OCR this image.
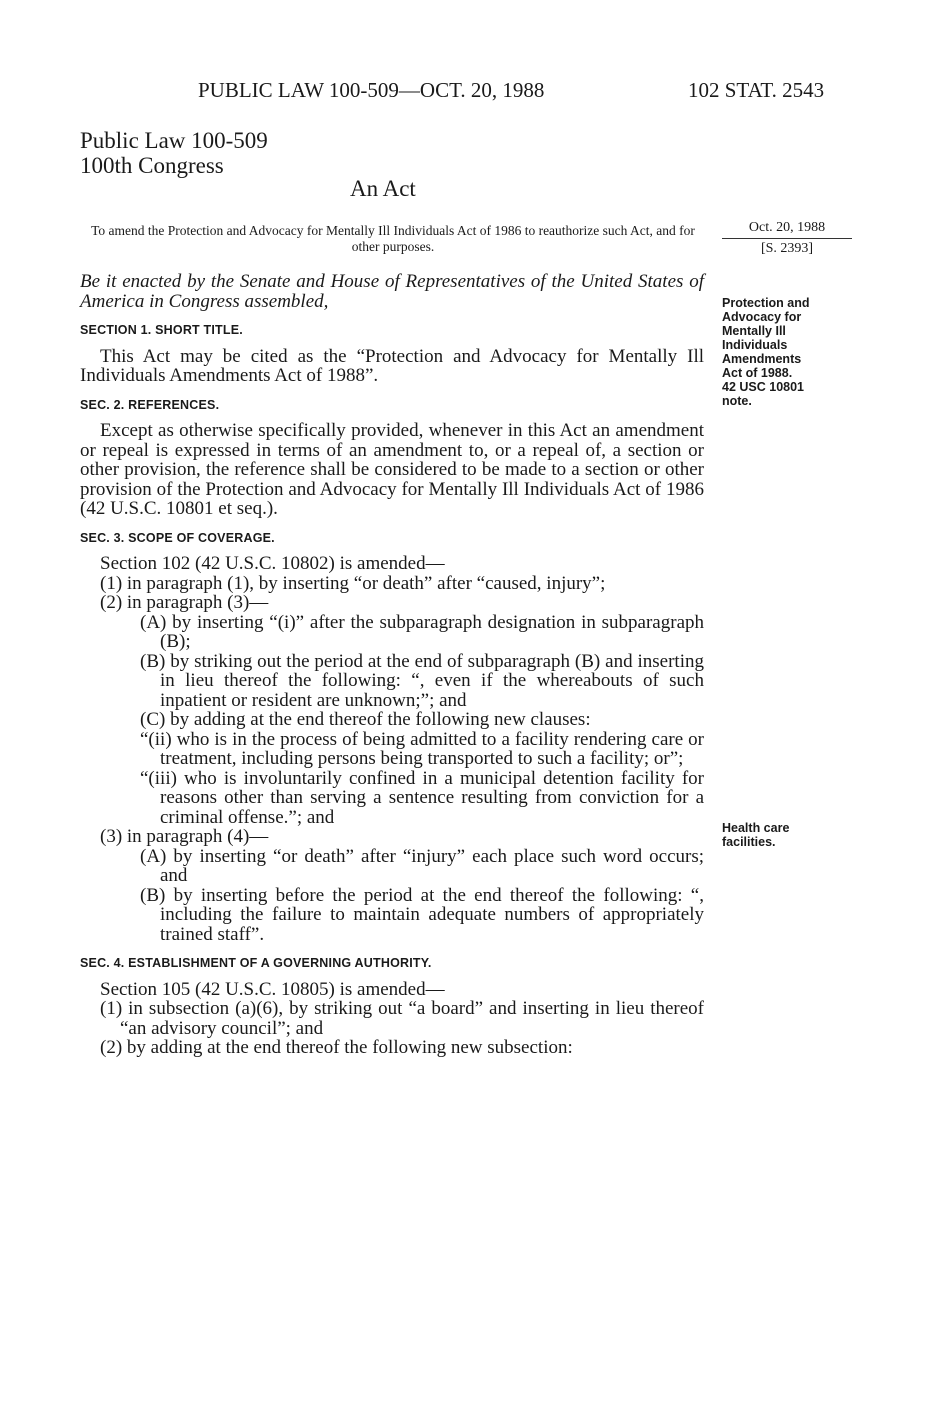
PUBLIC LAW 100-509—OCT. 20, 1988	102 STAT. 2543
Public Law 100-509
100th Congress
An Act
To amend the Protection and Advocacy for Mentally Ill Individuals Act of 1986 to reauthorize such Act, and for other purposes.
Oct. 20, 1988
[S. 2393]
Protection and
Advocacy for
Mentally Ill
Individuals
Amendments
Act of 1988.
42 USC 10801
note.
Health care
facilities.

Be it enacted by the Senate and House of Representatives of the United States of America in Congress assembled,

SECTION 1. SHORT TITLE.

This Act may be cited as the “Protection and Advocacy for Mentally Ill Individuals Amendments Act of 1988”.

SEC. 2. REFERENCES.

Except as otherwise specifically provided, whenever in this Act an amendment or repeal is expressed in terms of an amendment to, or a repeal of, a section or other provision, the reference shall be considered to be made to a section or other provision of the Protection and Advocacy for Mentally Ill Individuals Act of 1986 (42 U.S.C. 10801 et seq.).

SEC. 3. SCOPE OF COVERAGE.

Section 102 (42 U.S.C. 10802) is amended—

(1) in paragraph (1), by inserting “or death” after “caused, injury”;

(2) in paragraph (3)—

(A) by inserting “(i)” after the subparagraph designation in subparagraph (B);

(B) by striking out the period at the end of subparagraph (B) and inserting in lieu thereof the following: “, even if the whereabouts of such inpatient or resident are unknown;”; and

(C) by adding at the end thereof the following new clauses:

“(ii) who is in the process of being admitted to a facility rendering care or treatment, including persons being transported to such a facility; or”;

“(iii) who is involuntarily confined in a municipal detention facility for reasons other than serving a sentence resulting from conviction for a criminal offense.”; and

(3) in paragraph (4)—

(A) by inserting “or death” after “injury” each place such word occurs; and

(B) by inserting before the period at the end thereof the following: “, including the failure to maintain adequate numbers of appropriately trained staff”.

SEC. 4. ESTABLISHMENT OF A GOVERNING AUTHORITY.

Section 105 (42 U.S.C. 10805) is amended—

(1) in subsection (a)(6), by striking out “a board” and inserting in lieu thereof “an advisory council”; and

(2) by adding at the end thereof the following new subsection:
